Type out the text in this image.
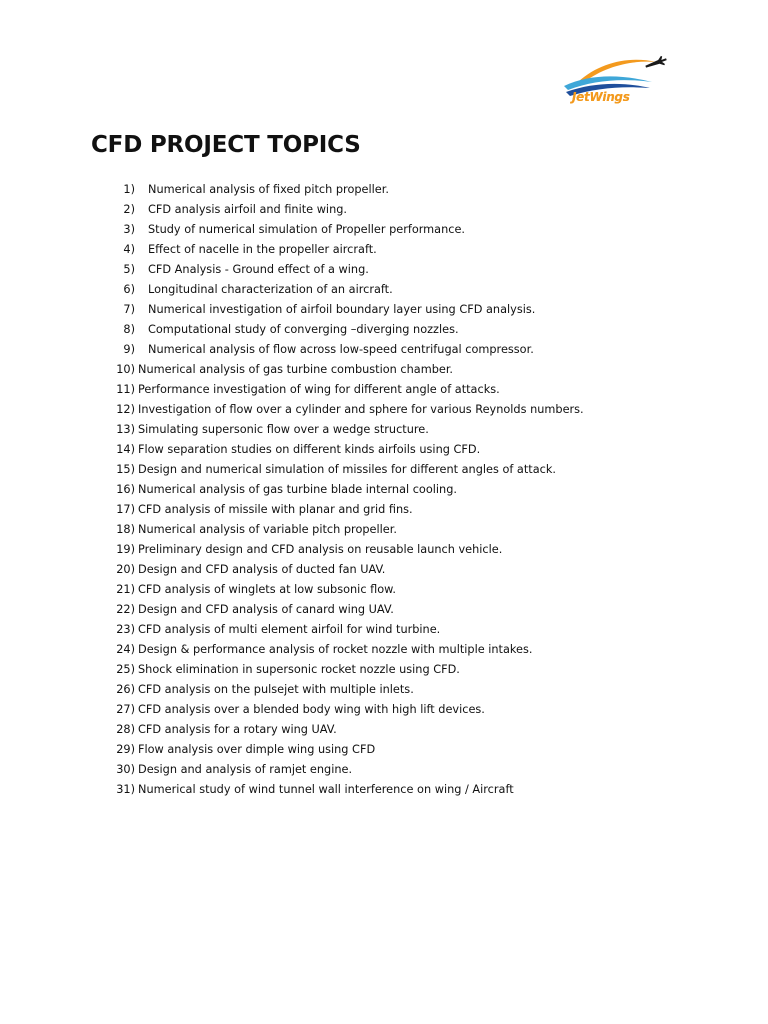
JetWings
CFD PROJECT TOPICS
1)	Numerical analysis of fixed pitch propeller.
2)	CFD analysis airfoil and finite wing.
3)	Study of numerical simulation of Propeller performance.
4)	Effect of nacelle in the propeller aircraft.
5)	CFD Analysis - Ground effect of a wing.
6)	Longitudinal characterization of an aircraft.
7)	Numerical investigation of airfoil boundary layer using CFD analysis.
8)	Computational study of converging –diverging nozzles.
9)	Numerical analysis of flow across low-speed centrifugal compressor.
10) Numerical analysis of gas turbine combustion chamber.
11) Performance investigation of wing for different angle of attacks.
12) Investigation of flow over a cylinder and sphere for various Reynolds numbers.
13) Simulating supersonic flow over a wedge structure.
14) Flow separation studies on different kinds airfoils using CFD.
15) Design and numerical simulation of missiles for different angles of attack.
16) Numerical analysis of gas turbine blade internal cooling.
17) CFD analysis of missile with planar and grid fins.
18) Numerical analysis of variable pitch propeller.
19) Preliminary design and CFD analysis on reusable launch vehicle.
20) Design and CFD analysis of ducted fan UAV.
21) CFD analysis of winglets at low subsonic flow.
22) Design and CFD analysis of canard wing UAV.
23) CFD analysis of multi element airfoil for wind turbine.
24) Design & performance analysis of rocket nozzle with multiple intakes.
25) Shock elimination in supersonic rocket nozzle using CFD.
26) CFD analysis on the pulsejet with multiple inlets.
27) CFD analysis over a blended body wing with high lift devices.
28) CFD analysis for a rotary wing UAV.
29) Flow analysis over dimple wing using CFD
30) Design and analysis of ramjet engine.
31) Numerical study of wind tunnel wall interference on wing / Aircraft
